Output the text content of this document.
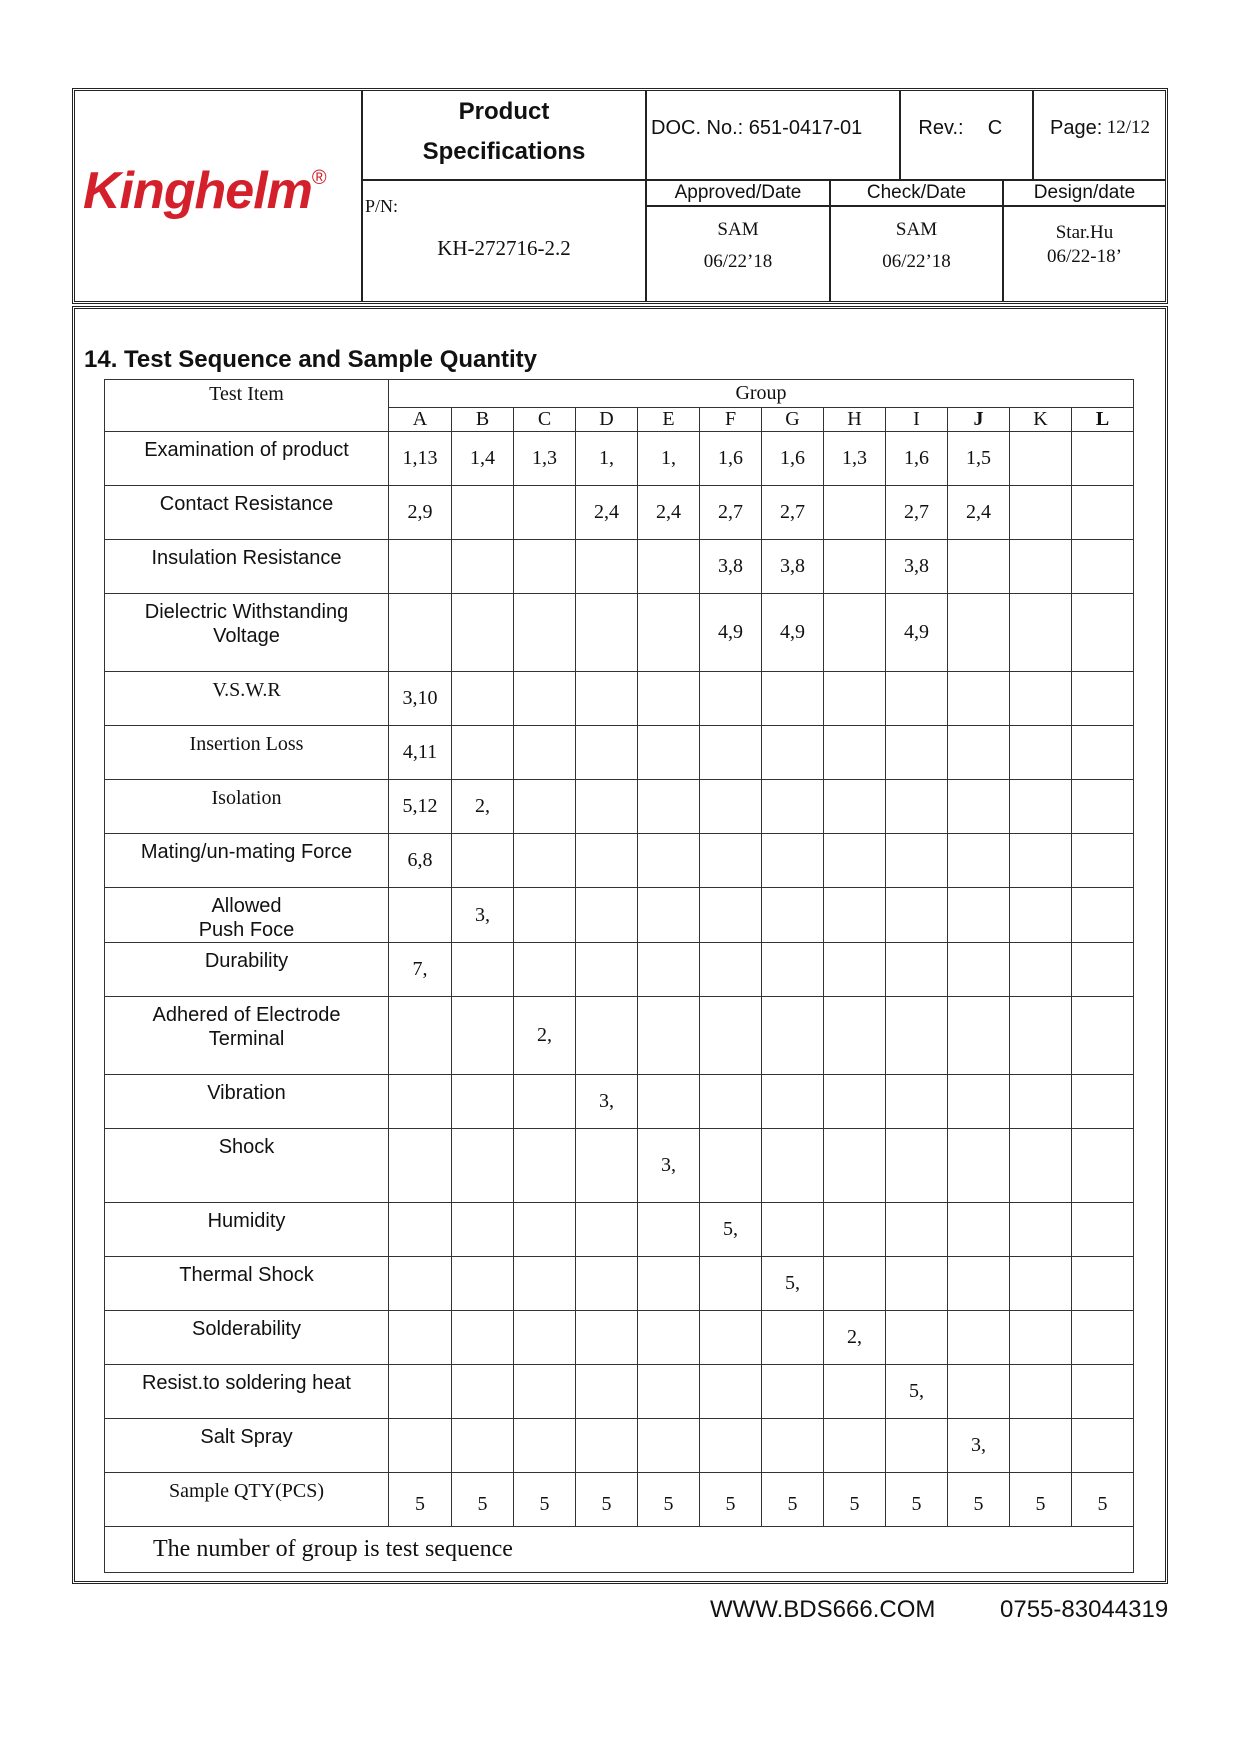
Kinghelm®
Product
Specifications
DOC. No.: 651-0417-01	Rev.:	C	Page:
12/12
P/N:
KH-272716-2.2
Approved/Date	Check/Date	Design/date
SAM
06/22’18
SAM
06/22’18
Star.Hu
06/22-18’
14. Test Sequence and Sample Quantity
Test Item	Group											
	A	B	C	D	E	F	G	H	I	J	K	L
Examination of product	1,13	1,4	1,3	1,	1,	1,6	1,6	1,3	1,6	1,5		
Contact Resistance	2,9			2,4	2,4	2,7	2,7		2,7	2,4		
Insulation Resistance						3,8	3,8		3,8			
Dielectric Withstanding
Voltage						4,9	4,9		4,9			
V.S.W.R	3,10											
Insertion Loss	4,11											
Isolation	5,12	2,										
Mating/un-mating Force	6,8											
Allowed
Push Foce		3,										
Durability	7,											
Adhered of Electrode
Terminal			2,									
Vibration				3,								
Shock					3,							
Humidity						5,						
Thermal Shock							5,					
Solderability								2,				
Resist.to soldering heat									5,			
Salt Spray										3,		
Sample QTY(PCS)	5	5	5	5	5	5	5	5	5	5	5	5
The number of group is test sequence												
WWW.BDS666.COM	0755-83044319
